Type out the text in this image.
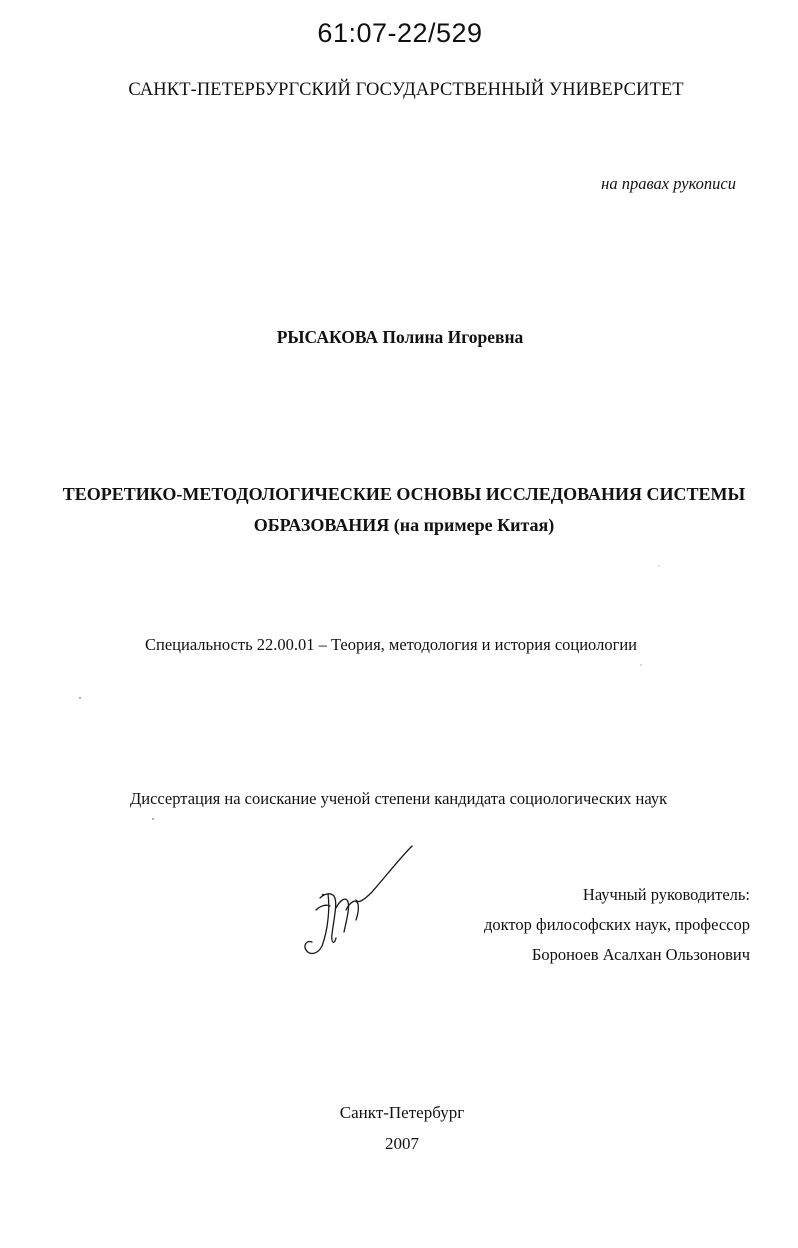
61:07-22/529
САНКТ-ПЕТЕРБУРГСКИЙ ГОСУДАРСТВЕННЫЙ УНИВЕРСИТЕТ
на правах рукописи
РЫСАКОВА Полина Игоревна
ТЕОРЕТИКО-МЕТОДОЛОГИЧЕСКИЕ ОСНОВЫ ИССЛЕДОВАНИЯ СИСТЕМЫ
ОБРАЗОВАНИЯ (на примере Китая)
Специальность 22.00.01 – Теория, методология и история социологии
Диссертация на соискание ученой степени кандидата социологических наук
Научный руководитель:
доктор философских наук, профессор
Бороноев Асалхан Ользонович
Санкт-Петербург
2007
